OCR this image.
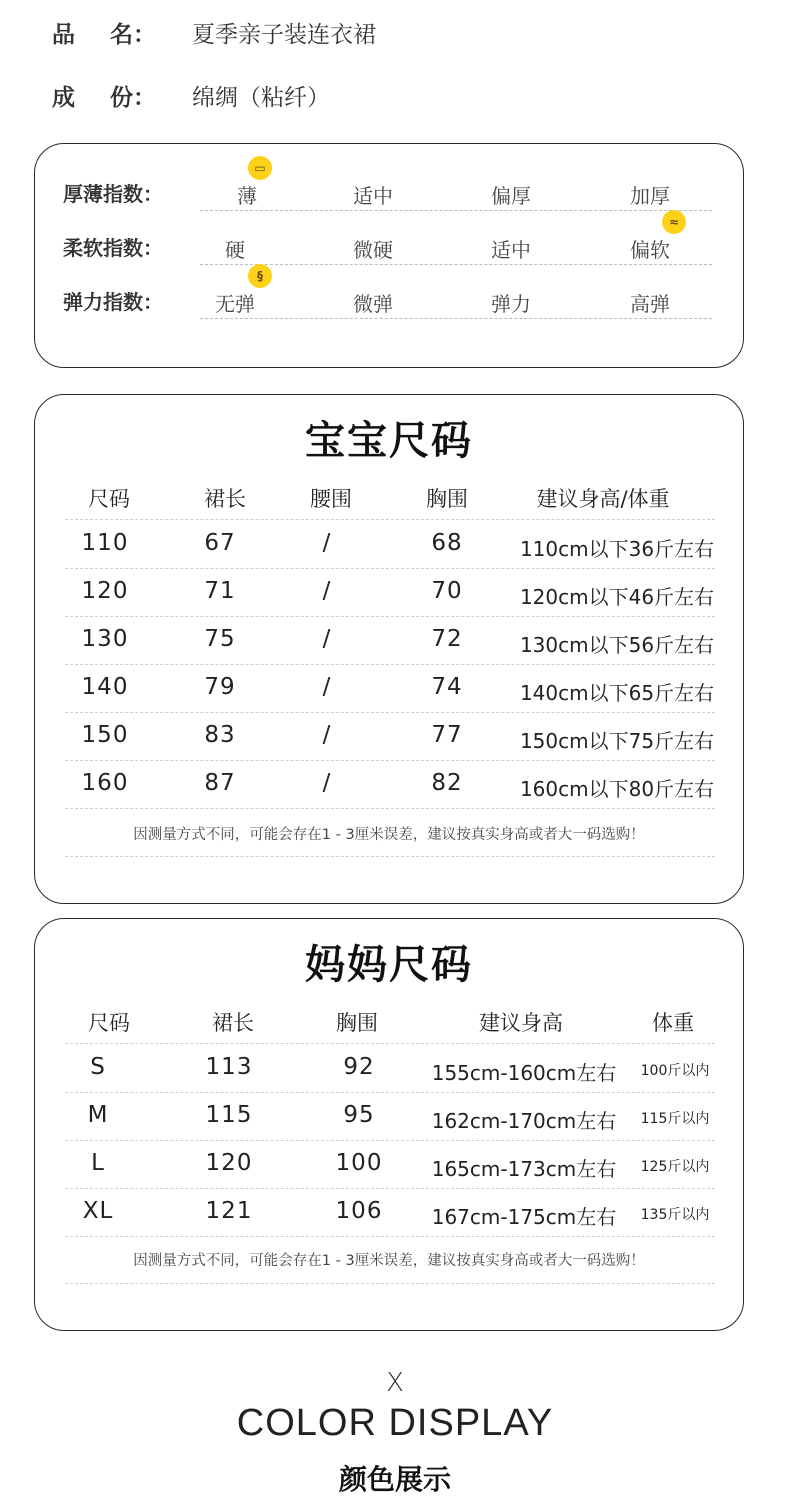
品 名：	夏季亲子装连衣裙
成 份：	绵绸（粘纤）
厚薄指数：	薄	适中	偏厚	加厚
▭
柔软指数：	硬	微硬	适中	偏软
≈
弹力指数：	无弹	微弹	弹力	高弹
§
宝宝尺码
尺码	裙长	腰围	胸围	建议身高/体重
110	67	/	68	110cm以下36斤左右
120	71	/	70	120cm以下46斤左右
130	75	/	72	130cm以下56斤左右
140	79	/	74	140cm以下65斤左右
150	83	/	77	150cm以下75斤左右
160	87	/	82	160cm以下80斤左右
因测量方式不同，可能会存在1 - 3厘米误差，建议按真实身高或者大一码选购！
妈妈尺码
尺码	裙长	胸围	建议身高	体重
S	113	92	155cm-160cm左右	100斤以内
M	115	95	162cm-170cm左右	115斤以内
L	120	100	165cm-173cm左右	125斤以内
XL	121	106	167cm-175cm左右	135斤以内
因测量方式不同，可能会存在1 - 3厘米误差，建议按真实身高或者大一码选购！
X
COLOR DISPLAY
颜色展示
